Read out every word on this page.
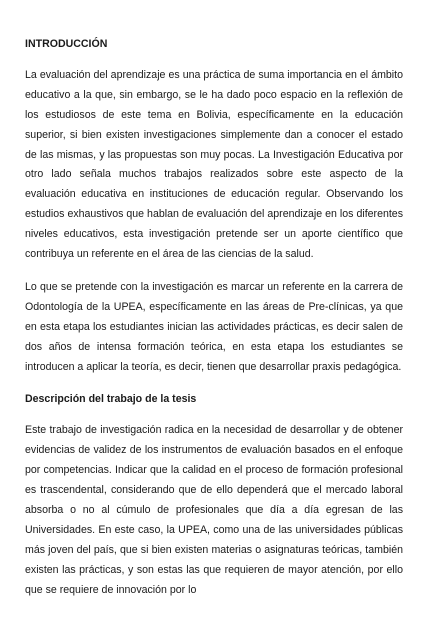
INTRODUCCIÓN

La evaluación del aprendizaje es una práctica de suma importancia en el ámbito educativo a la que, sin embargo, se le ha dado poco espacio en la reflexión de los estudiosos de este tema en Bolivia, específicamente en la educación superior, si bien existen investigaciones simplemente dan a conocer el estado de las mismas, y las propuestas son muy pocas. La Investigación Educativa por otro lado señala muchos trabajos realizados sobre este aspecto de la evaluación educativa en instituciones de educación regular. Observando los estudios exhaustivos que hablan de evaluación del aprendizaje en los diferentes niveles educativos, esta investigación pretende ser un aporte científico que contribuya un referente en el área de las ciencias de la salud.

Lo que se pretende con la investigación es marcar un referente en la carrera de Odontología de la UPEA, específicamente en las áreas de Pre-clínicas, ya que en esta etapa los estudiantes inician las actividades prácticas, es decir salen de dos años de intensa formación teórica, en esta etapa los estudiantes se introducen a aplicar la teoría, es decir, tienen que desarrollar praxis pedagógica.

Descripción del trabajo de la tesis

Este trabajo de investigación radica en la necesidad de desarrollar y de obtener evidencias de validez de los instrumentos de evaluación basados en el enfoque por competencias. Indicar que la calidad en el proceso de formación profesional es trascendental, considerando que de ello dependerá que el mercado laboral absorba o no al cúmulo de profesionales que día a día egresan de las Universidades. En este caso, la UPEA, como una de las universidades públicas más joven del país, que si bien existen materias o asignaturas teóricas, también existen las prácticas, y son estas las que requieren de mayor atención, por ello que se requiere de innovación por lo
